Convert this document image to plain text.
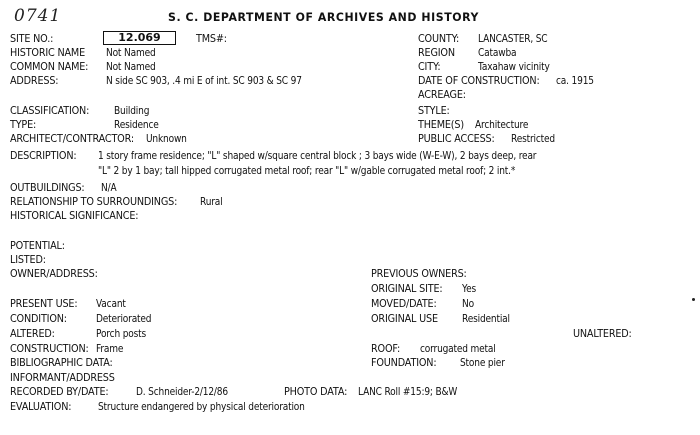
0741	S. C. DEPARTMENT OF ARCHIVES AND HISTORY
SITE NO.:	12.069	TMS#:
HISTORIC NAME Not Named
COMMON NAME: Not Named
ADDRESS:	N side SC 903, .4 mi E of int. SC 903 & SC 97
COUNTY: LANCASTER, SC
REGION Catawba
CITY:	Taxahaw vicinity
DATE OF CONSTRUCTION: ca. 1915
ACREAGE:
CLASSIFICATION: Building
TYPE:	Residence
ARCHITECT/CONTRACTOR: Unknown
STYLE:
THEME(S) Architecture
PUBLIC ACCESS: Restricted
DESCRIPTION: 1 story frame residence; "L" shaped w/square central block ; 3 bays wide (W-E-W), 2 bays deep, rear
"L" 2 by 1 bay; tall hipped corrugated metal roof; rear "L" w/gable corrugated metal roof; 2 int.*
OUTBUILDINGS: N/A
RELATIONSHIP TO SURROUNDINGS: Rural
HISTORICAL SIGNIFICANCE:
POTENTIAL:
LISTED:
OWNER/ADDRESS:	PREVIOUS OWNERS:
ORIGINAL SITE: Yes
PRESENT USE: Vacant	MOVED/DATE: No
CONDITION:	Deteriorated	ORIGINAL USE Residential
ALTERED:	Porch posts	UNALTERED:
CONSTRUCTION: Frame	ROOF: corrugated metal
BIBLIOGRAPHIC DATA:	FOUNDATION: Stone pier
INFORMANT/ADDRESS
RECORDED BY/DATE:	D. Schneider-2/12/86	PHOTO DATA: LANC Roll #15:9; B&W
EVALUATION:	Structure endangered by physical deterioration
